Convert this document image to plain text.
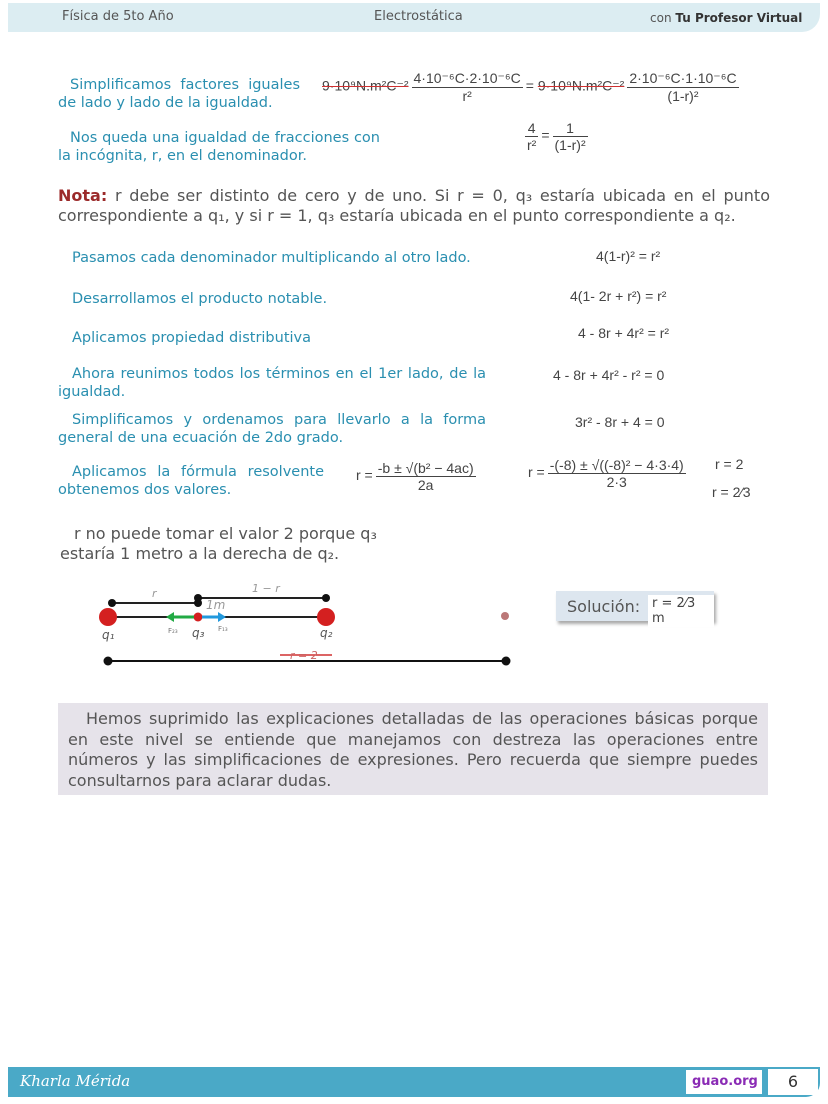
Física de 5to Año	Electrostática	con Tu Profesor Virtual
Simplificamos factores iguales de lado y lado de la igualdad.
$9\cdot 10^9N.m^2C^{-2} \frac{\text{4·10⁻⁶C·2·10⁻⁶C}}{\text{r²}} = 9\cdot 10^9N.m^2C^{-2} \frac{\text{2·10⁻⁶C·1·10⁻⁶C}}{\text{(1-r)²}}$
Nos queda una igualdad de fracciones con la incógnita, r, en el denominador.
$\frac{4}{\text{r²}} = \frac{1}{\text{(1-r)²}}$
Nota: r debe ser distinto de cero y de uno. Si r = 0, q₃ estaría ubicada en el punto correspondiente a q₁, y si r = 1, q₃ estaría ubicada en el punto correspondiente a q₂.
Pasamos cada denominador multiplicando al otro lado.	4(1-r)² = r²
Desarrollamos el producto notable.	4(1- 2r + r²) = r²
Aplicamos propiedad distributiva	4 - 8r + 4r² = r²
Ahora reunimos todos los términos en el 1er lado, de la igualdad.
4 - 8r + 4r² - r² = 0
Simplificamos y ordenamos para llevarlo a la forma general de una ecuación de 2do grado.
3r² - 8r + 4 = 0
Aplicamos la fórmula resolvente obtenemos dos valores.
$r = \frac{\text{-b ± √(b² − 4ac)}}{2a}$	$r = \frac{\text{-(-8) ± √((-8)² − 4·3·4)}}{2\cdot 3}$ r = 2
r = 2⁄3
r no puede tomar el valor 2 porque q₃ estaría 1 metro a la derecha de q₂.
r	1 − r
1m
q₁	q₃	q₂
F₂₃	F₁₃
r = 2
Solución: r = 2⁄3 m

Hemos suprimido las explicaciones detalladas de las operaciones básicas porque en este nivel se entiende que manejamos con destreza las operaciones entre números y las simplificaciones de expresiones. Pero recuerda que siempre puedes consultarnos para aclarar dudas.

Kharla Mérida	guao.org	6
